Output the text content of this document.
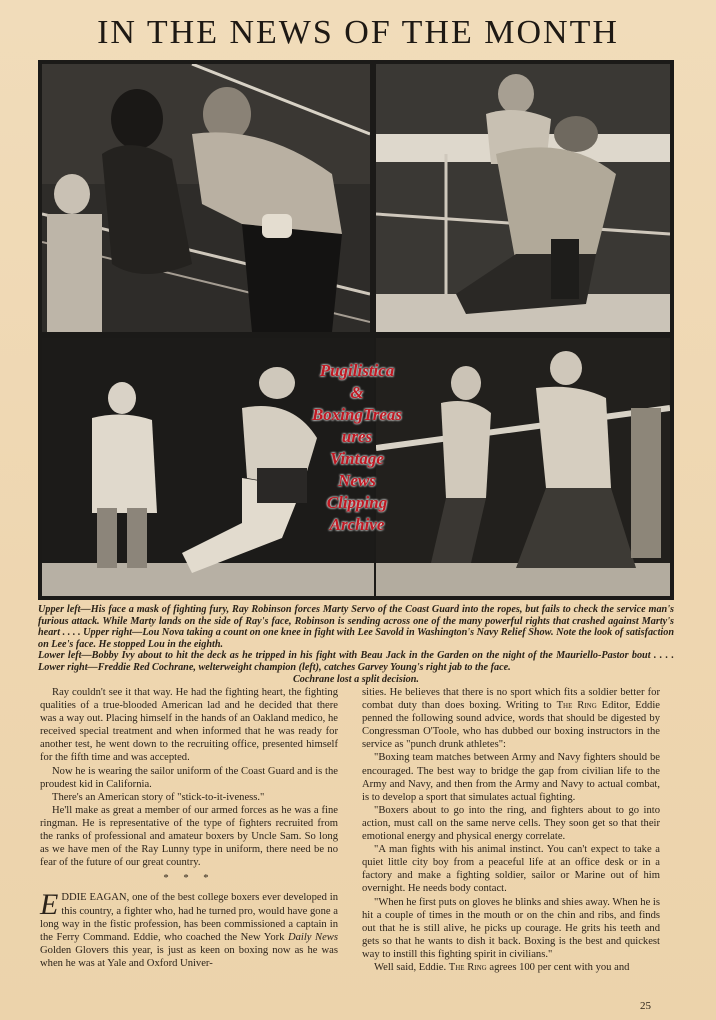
IN THE NEWS OF THE MONTH
Pugilistica
&
BoxingTreas
ures
Vintage
News
Clipping
Archive

Upper left—His face a mask of fighting fury, Ray Robinson forces Marty Servo of the Coast Guard into the ropes, but fails to check the service man's furious attack. While Marty lands on the side of Ray's face, Robinson is sending across one of the many powerful rights that crashed against Marty's heart . . . . Upper right—Lou Nova taking a count on one knee in fight with Lee Savold in Washington's Navy Relief Show. Note the look of satisfaction on Lee's face. He stopped Lou in the eighth.

Lower left—Bobby Ivy about to hit the deck as he tripped in his fight with Beau Jack in the Garden on the night of the Mauriello-Pastor bout . . . . Lower right—Freddie Red Cochrane, welterweight champion (left), catches Garvey Young's right jab to the face.

Cochrane lost a split decision.

Ray couldn't see it that way. He had the fighting heart, the fighting qualities of a true-blooded American lad and he decided that there was a way out. Placing himself in the hands of an Oakland medico, he received special treatment and when informed that he was ready for another test, he went down to the recruiting office, presented himself for the fifth time and was accepted.

Now he is wearing the sailor uniform of the Coast Guard and is the proudest kid in California.

There's an American story of "stick-to-it-iveness."

He'll make as great a member of our armed forces as he was a fine ringman. He is representative of the type of fighters recruited from the ranks of professional and amateur boxers by Uncle Sam. So long as we have men of the Ray Lunny type in uniform, there need be no fear of the future of our great country.

* * *

EDDIE EAGAN, one of the best college boxers ever developed in this country, a fighter who, had he turned pro, would have gone a long way in the fistic profession, has been commissioned a captain in the Ferry Command. Eddie, who coached the New York Daily News Golden Glovers this year, is just as keen on boxing now as he was when he was at Yale and Oxford Univer-

sities. He believes that there is no sport which fits a soldier better for combat duty than does boxing. Writing to The Ring Editor, Eddie penned the following sound advice, words that should be digested by Congressman O'Toole, who has dubbed our boxing instructors in the service as "punch drunk athletes":

"Boxing team matches between Army and Navy fighters should be encouraged. The best way to bridge the gap from civilian life to the Army and Navy, and then from the Army and Navy to actual combat, is to develop a sport that simulates actual fighting.

"Boxers about to go into the ring, and fighters about to go into action, must call on the same nerve cells. They soon get so that their emotional energy and physical energy correlate.

"A man fights with his animal instinct. You can't expect to take a quiet little city boy from a peaceful life at an office desk or in a factory and make a fighting soldier, sailor or Marine out of him overnight. He needs body contact.

"When he first puts on gloves he blinks and shies away. When he is hit a couple of times in the mouth or on the chin and ribs, and finds out that he is still alive, he picks up courage. He grits his teeth and gets so that he wants to dish it back. Boxing is the best and quickest way to instill this fighting spirit in civilians."

Well said, Eddie. The Ring agrees 100 per cent with you and

25
